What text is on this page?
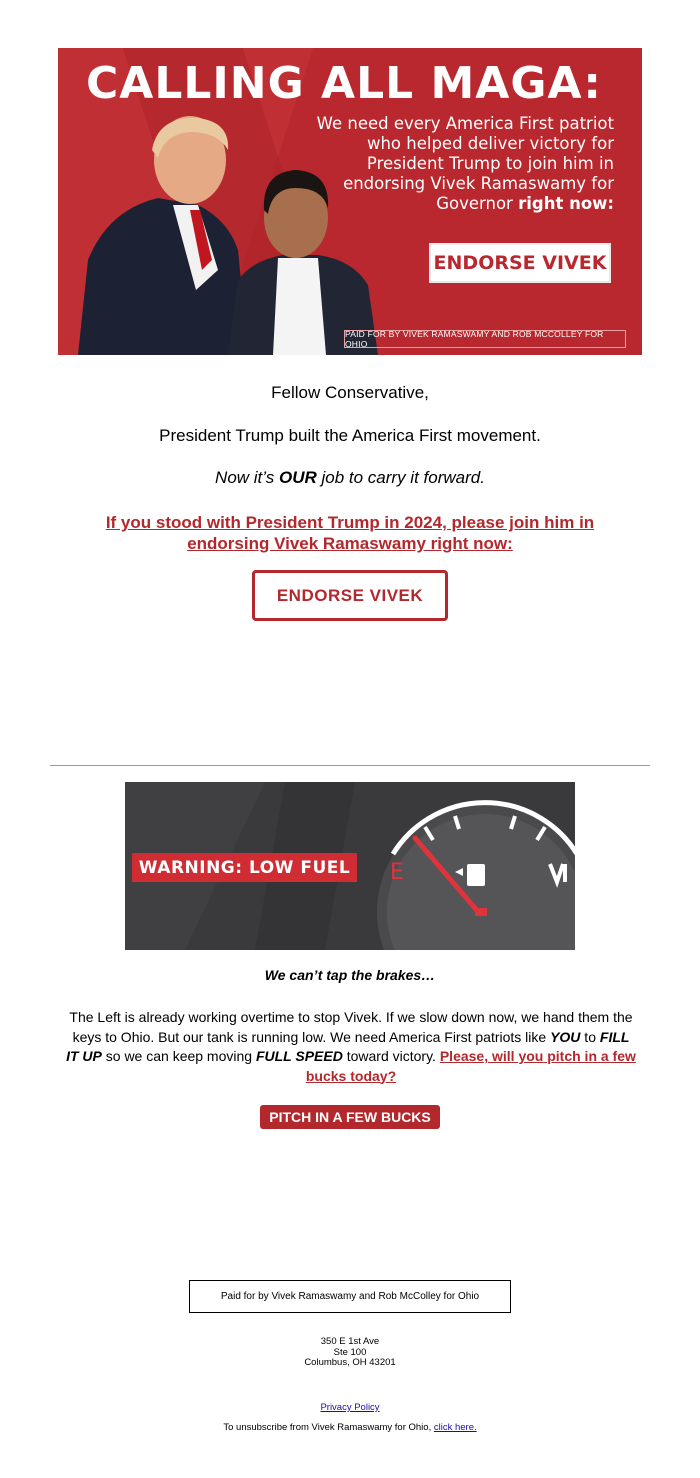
CALLING ALL MAGA:
We need every America First patriot who helped deliver victory for President Trump to join him in endorsing Vivek Ramaswamy for Governor right now:
ENDORSE VIVEK
PAID FOR BY VIVEK RAMASWAMY AND ROB MCCOLLEY FOR OHIO
Fellow Conservative,
President Trump built the America First movement.
Now it’s OUR job to carry it forward.
If you stood with President Trump in 2024, please join him in endorsing Vivek Ramaswamy right now:
ENDORSE VIVEK
E
WARNING: LOW FUEL
We can’t tap the brakes…
The Left is already working overtime to stop Vivek. If we slow down now, we hand them the keys to Ohio. But our tank is running low. We need America First patriots like YOU to FILL IT UP so we can keep moving FULL SPEED toward victory. Please, will you pitch in a few bucks today?
PITCH IN A FEW BUCKS
Paid for by Vivek Ramaswamy and Rob McColley for Ohio
350 E 1st Ave
Ste 100
Columbus, OH 43201
Privacy Policy
To unsubscribe from Vivek Ramaswamy for Ohio, click here.
